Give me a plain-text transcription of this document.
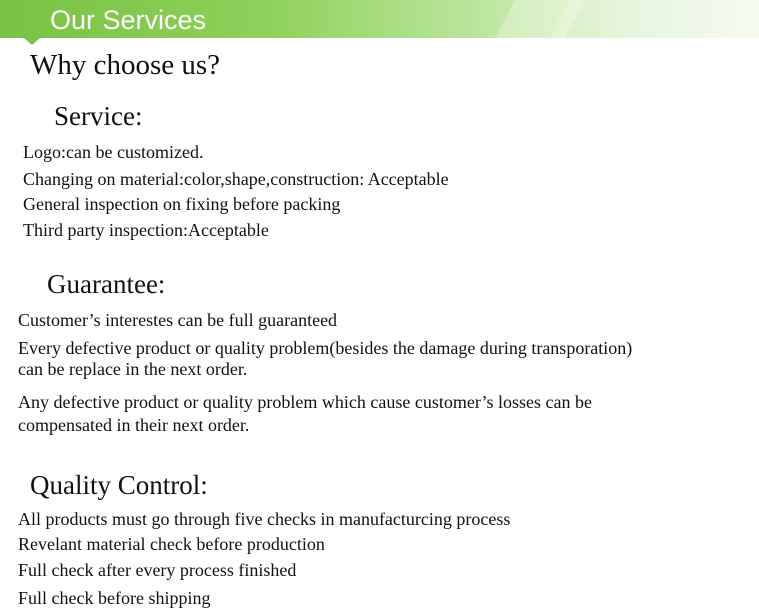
Our Services
Why choose us?
Service:
Logo:can be customized.
Changing on material:color,shape,construction: Acceptable
General inspection on fixing before packing
Third party inspection:Acceptable
Guarantee:
Customer’s interestes can be full guaranteed
Every defective product or quality problem(besides the damage during transporation)
can be replace in the next order.
Any defective product or quality problem which cause customer’s losses can be
compensated in their next order.
Quality Control:
All products must go through five checks in manufacturcing process
Revelant material check before production
Full check after every process finished
Full check before shipping
